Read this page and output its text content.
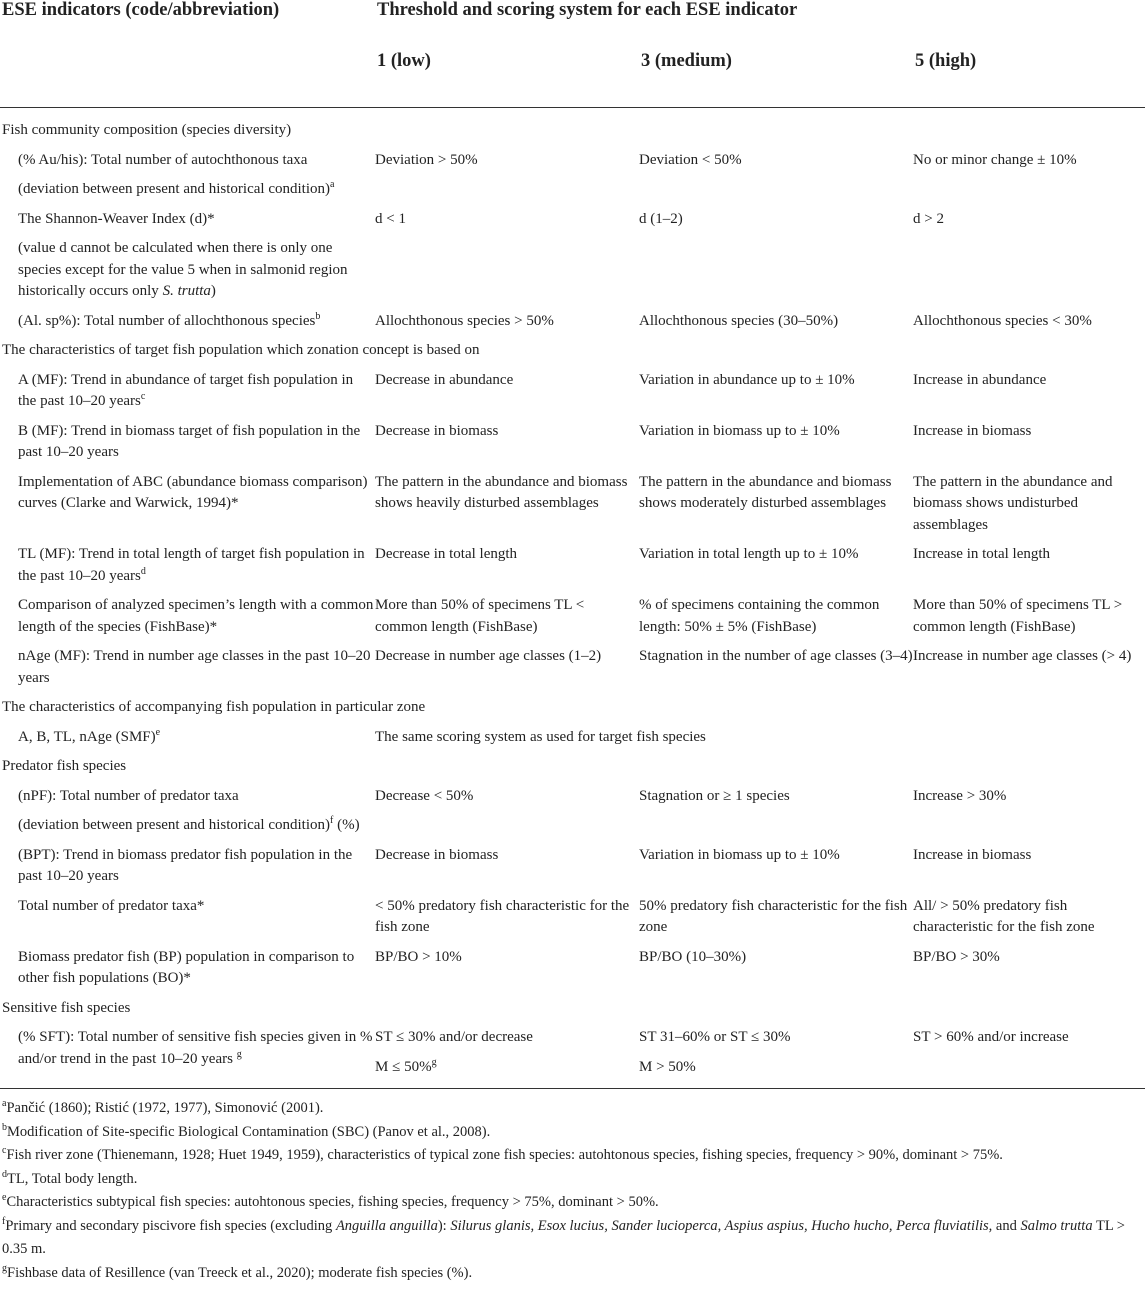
ESE indicators (code/abbreviation)	Threshold and scoring system for each ESE indicator		
	1 (low)	3 (medium)	5 (high)
Fish community composition (species diversity)			
(% Au/his): Total number of autochthonous taxa	Deviation > 50%	Deviation < 50%	No or minor change ± 10%
(deviation between present and historical condition)$^a$			
The Shannon-Weaver Index (d)*	d < 1	d (1–2)	d > 2
(value d cannot be calculated when there is only one species except for the value 5 when in salmonid region historically occurs only S. trutta)			
(Al. sp%): Total number of allochthonous species$^b$	Allochthonous species > 50%	Allochthonous species (30–50%)	Allochthonous species < 30%
The characteristics of target fish population which zonation concept is based on			
A (MF): Trend in abundance of target fish population in the past 10–20 years$^c$	Decrease in abundance	Variation in abundance up to ± 10%	Increase in abundance
B (MF): Trend in biomass target of fish population in the past 10–20 years	Decrease in biomass	Variation in biomass up to ± 10%	Increase in biomass
Implementation of ABC (abundance biomass comparison) curves (Clarke and Warwick, 1994)*	The pattern in the abundance and biomass shows heavily disturbed assemblages	The pattern in the abundance and biomass shows moderately disturbed assemblages	The pattern in the abundance and biomass shows undisturbed assemblages
TL (MF): Trend in total length of target fish population in the past 10–20 years$^d$	Decrease in total length	Variation in total length up to ± 10%	Increase in total length
Comparison of analyzed specimen’s length with a common length of the species (FishBase)*	More than 50% of specimens TL < common length (FishBase)	% of specimens containing the common length: 50% ± 5% (FishBase)	More than 50% of specimens TL > common length (FishBase)
nAge (MF): Trend in number age classes in the past 10–20 years	Decrease in number age classes (1–2)	Stagnation in the number of age classes (3–4)	Increase in number age classes (> 4)
The characteristics of accompanying fish population in particular zone			
A, B, TL, nAge (SMF)$^e$	The same scoring system as used for target fish species		
Predator fish species			
(nPF): Total number of predator taxa	Decrease < 50%	Stagnation or ≥ 1 species	Increase > 30%
(deviation between present and historical condition)$^f$ (%)			
(BPT): Trend in biomass predator fish population in the past 10–20 years	Decrease in biomass	Variation in biomass up to ± 10%	Increase in biomass
Total number of predator taxa*	< 50% predatory fish characteristic for the fish zone	50% predatory fish characteristic for the fish zone	All/ > 50% predatory fish characteristic for the fish zone
Biomass predator fish (BP) population in comparison to other fish populations (BO)*	BP/BO > 10%	BP/BO (10–30%)	BP/BO > 30%
Sensitive fish species			
(% SFT): Total number of sensitive fish species given in % and/or trend in the past 10–20 years $^g$	ST ≤ 30% and/or decrease	ST 31–60% or ST ≤ 30%	ST > 60% and/or increase
	M ≤ 50%$^g$	M > 50%	
$^a$Pančić (1860); Ristić (1972, 1977), Simonović (2001).
$^b$Modification of Site-specific Biological Contamination (SBC) (Panov et al., 2008).
$^c$Fish river zone (Thienemann, 1928; Huet 1949, 1959), characteristics of typical zone fish species: autohtonous species, fishing species, frequency > 90%, dominant > 75%.
$^d$TL, Total body length.
$^e$Characteristics subtypical fish species: autohtonous species, fishing species, frequency > 75%, dominant > 50%.
$^f$Primary and secondary piscivore fish species (excluding Anguilla anguilla): Silurus glanis, Esox lucius, Sander lucioperca, Aspius aspius, Hucho hucho, Perca fluviatilis, and Salmo trutta TL > 0.35 m.
$^g$Fishbase data of Resillence (van Treeck et al., 2020); moderate fish species (%).
